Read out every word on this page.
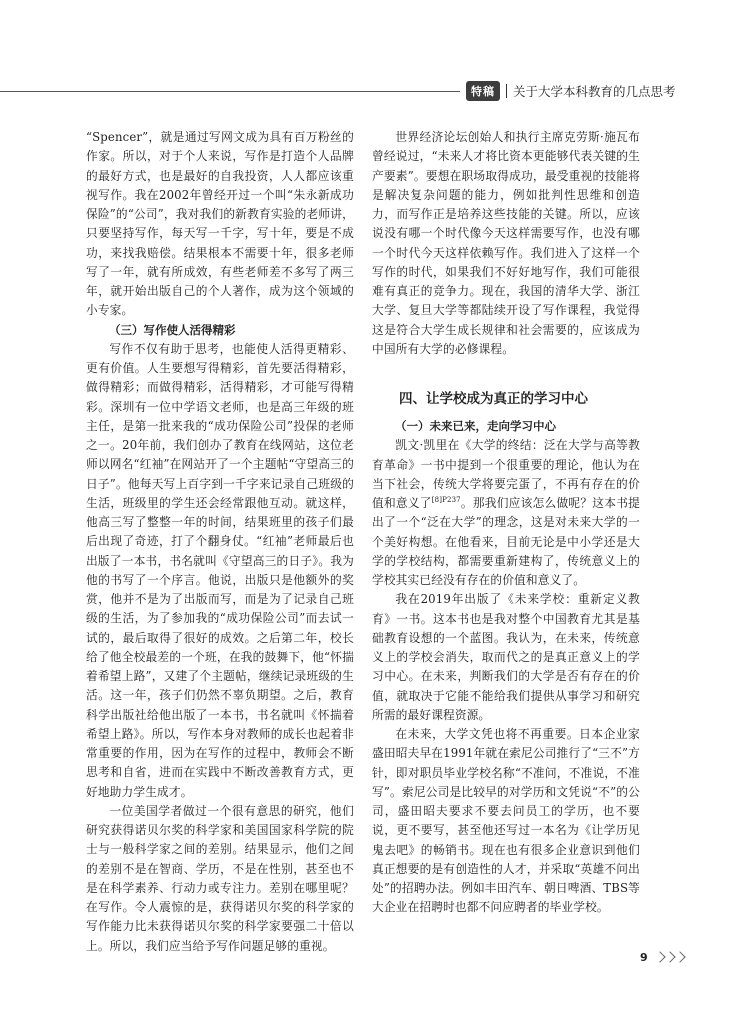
特稿	关于大学本科教育的几点思考

“Spencer”，就是通过写网文成为具有百万粉丝的作家。所以，对于个人来说，写作是打造个人品牌的最好方式，也是最好的自我投资，人人都应该重视写作。我在2002年曾经开过一个叫“朱永新成功保险”的“公司”，我对我们的新教育实验的老师讲，只要坚持写作，每天写一千字，写十年，要是不成功，来找我赔偿。结果根本不需要十年，很多老师写了一年，就有所成效，有些老师差不多写了两三年，就开始出版自己的个人著作，成为这个领域的小专家。

（三）写作使人活得精彩

写作不仅有助于思考，也能使人活得更精彩、更有价值。人生要想写得精彩，首先要活得精彩，做得精彩；而做得精彩，活得精彩，才可能写得精彩。深圳有一位中学语文老师，也是高三年级的班主任，是第一批来我的“成功保险公司”投保的老师之一。20年前，我们创办了教育在线网站，这位老师以网名“红袖”在网站开了一个主题帖“守望高三的日子”。他每天写上百字到一千字来记录自己班级的生活，班级里的学生还会经常跟他互动。就这样，他高三写了整整一年的时间，结果班里的孩子们最后出现了奇迹，打了个翻身仗。“红袖”老师最后也出版了一本书，书名就叫《守望高三的日子》。我为他的书写了一个序言。他说，出版只是他额外的奖赏，他并不是为了出版而写，而是为了记录自己班级的生活，为了参加我的“成功保险公司”而去试一试的，最后取得了很好的成效。之后第二年，校长给了他全校最差的一个班，在我的鼓舞下，他“怀揣着希望上路”，又建了个主题帖，继续记录班级的生活。这一年，孩子们仍然不辜负期望。之后，教育科学出版社给他出版了一本书，书名就叫《怀揣着希望上路》。所以，写作本身对教师的成长也起着非常重要的作用，因为在写作的过程中，教师会不断思考和自省，进而在实践中不断改善教育方式，更好地助力学生成才。

一位美国学者做过一个很有意思的研究，他们研究获得诺贝尔奖的科学家和美国国家科学院的院士与一般科学家之间的差别。结果显示，他们之间的差别不是在智商、学历，不是在性别，甚至也不是在科学素养、行动力或专注力。差别在哪里呢？在写作。令人震惊的是，获得诺贝尔奖的科学家的写作能力比未获得诺贝尔奖的科学家要强二十倍以上。所以，我们应当给予写作问题足够的重视。

世界经济论坛创始人和执行主席克劳斯·施瓦布曾经说过，“未来人才将比资本更能够代表关键的生产要素”。要想在职场取得成功，最受重视的技能将是解决复杂问题的能力，例如批判性思维和创造力，而写作正是培养这些技能的关键。所以，应该说没有哪一个时代像今天这样需要写作，也没有哪一个时代今天这样依赖写作。我们进入了这样一个写作的时代，如果我们不好好地写作，我们可能很难有真正的竞争力。现在，我国的清华大学、浙江大学、复旦大学等都陆续开设了写作课程，我觉得这是符合大学生成长规律和社会需要的，应该成为中国所有大学的必修课程。

四、让学校成为真正的学习中心

（一）未来已来，走向学习中心

凯文·凯里在《大学的终结：泛在大学与高等教育革命》一书中提到一个很重要的理论，他认为在当下社会，传统大学将要完蛋了，不再有存在的价值和意义了$^{[8]P237}$。那我们应该怎么做呢？这本书提出了一个“泛在大学”的理念，这是对未来大学的一个美好构想。在他看来，目前无论是中小学还是大学的学校结构，都需要重新建构了，传统意义上的学校其实已经没有存在的价值和意义了。

我在2019年出版了《未来学校：重新定义教育》一书。这本书也是我对整个中国教育尤其是基础教育设想的一个蓝图。我认为，在未来，传统意义上的学校会消失，取而代之的是真正意义上的学习中心。在未来，判断我们的大学是否有存在的价值，就取决于它能不能给我们提供从事学习和研究所需的最好课程资源。

在未来，大学文凭也将不再重要。日本企业家盛田昭夫早在1991年就在索尼公司推行了“三不”方针，即对职员毕业学校名称“不准问，不准说，不准写”。索尼公司是比较早的对学历和文凭说“不”的公司，盛田昭夫要求不要去问员工的学历，也不要说，更不要写，甚至他还写过一本名为《让学历见鬼去吧》的畅销书。现在也有很多企业意识到他们真正想要的是有创造性的人才，并采取“英雄不问出处”的招聘办法。例如丰田汽车、朝日啤酒、TBS等大企业在招聘时也都不问应聘者的毕业学校。

9
